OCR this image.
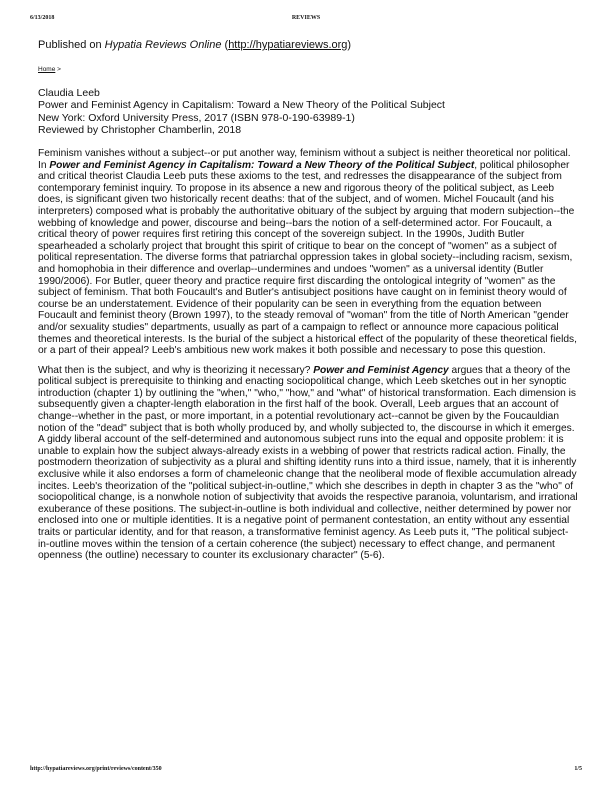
6/13/2018	REVIEWS
Published on Hypatia Reviews Online (http://hypatiareviews.org)
Home >
Claudia Leeb
Power and Feminist Agency in Capitalism: Toward a New Theory of the Political Subject
New York: Oxford University Press, 2017 (ISBN 978-0-190-63989-1)
Reviewed by Christopher Chamberlin, 2018

Feminism vanishes without a subject--or put another way, feminism without a subject is neither theoretical nor political. In Power and Feminist Agency in Capitalism: Toward a New Theory of the Political Subject, political philosopher and critical theorist Claudia Leeb puts these axioms to the test, and redresses the disappearance of the subject from contemporary feminist inquiry. To propose in its absence a new and rigorous theory of the political subject, as Leeb does, is significant given two historically recent deaths: that of the subject, and of women. Michel Foucault (and his interpreters) composed what is probably the authoritative obituary of the subject by arguing that modern subjection--the webbing of knowledge and power, discourse and being--bars the notion of a self-determined actor. For Foucault, a critical theory of power requires first retiring this concept of the sovereign subject. In the 1990s, Judith Butler spearheaded a scholarly project that brought this spirit of critique to bear on the concept of "women" as a subject of political representation. The diverse forms that patriarchal oppression takes in global society--including racism, sexism, and homophobia in their difference and overlap--undermines and undoes "women" as a universal identity (Butler 1990/2006). For Butler, queer theory and practice require first discarding the ontological integrity of "women" as the subject of feminism. That both Foucault's and Butler's antisubject positions have caught on in feminist theory would of course be an understatement. Evidence of their popularity can be seen in everything from the equation between Foucault and feminist theory (Brown 1997), to the steady removal of "woman" from the title of North American "gender and/or sexuality studies" departments, usually as part of a campaign to reflect or announce more capacious political themes and theoretical interests. Is the burial of the subject a historical effect of the popularity of these theoretical fields, or a part of their appeal? Leeb's ambitious new work makes it both possible and necessary to pose this question.

What then is the subject, and why is theorizing it necessary? Power and Feminist Agency argues that a theory of the political subject is prerequisite to thinking and enacting sociopolitical change, which Leeb sketches out in her synoptic introduction (chapter 1) by outlining the "when," "who," "how," and "what" of historical transformation. Each dimension is subsequently given a chapter-length elaboration in the first half of the book. Overall, Leeb argues that an account of change--whether in the past, or more important, in a potential revolutionary act--cannot be given by the Foucauldian notion of the "dead" subject that is both wholly produced by, and wholly subjected to, the discourse in which it emerges. A giddy liberal account of the self-determined and autonomous subject runs into the equal and opposite problem: it is unable to explain how the subject always-already exists in a webbing of power that restricts radical action. Finally, the postmodern theorization of subjectivity as a plural and shifting identity runs into a third issue, namely, that it is inherently exclusive while it also endorses a form of chameleonic change that the neoliberal mode of flexible accumulation already incites. Leeb's theorization of the "political subject-in-outline," which she describes in depth in chapter 3 as the "who" of sociopolitical change, is a nonwhole notion of subjectivity that avoids the respective paranoia, voluntarism, and irrational exuberance of these positions. The subject-in-outline is both individual and collective, neither determined by power nor enclosed into one or multiple identities. It is a negative point of permanent contestation, an entity without any essential traits or particular identity, and for that reason, a transformative feminist agency. As Leeb puts it, "The political subject-in-outline moves within the tension of a certain coherence (the subject) necessary to effect change, and permanent openness (the outline) necessary to counter its exclusionary character" (5-6).

http://hypatiareviews.org/print/reviews/content/350	1/5
